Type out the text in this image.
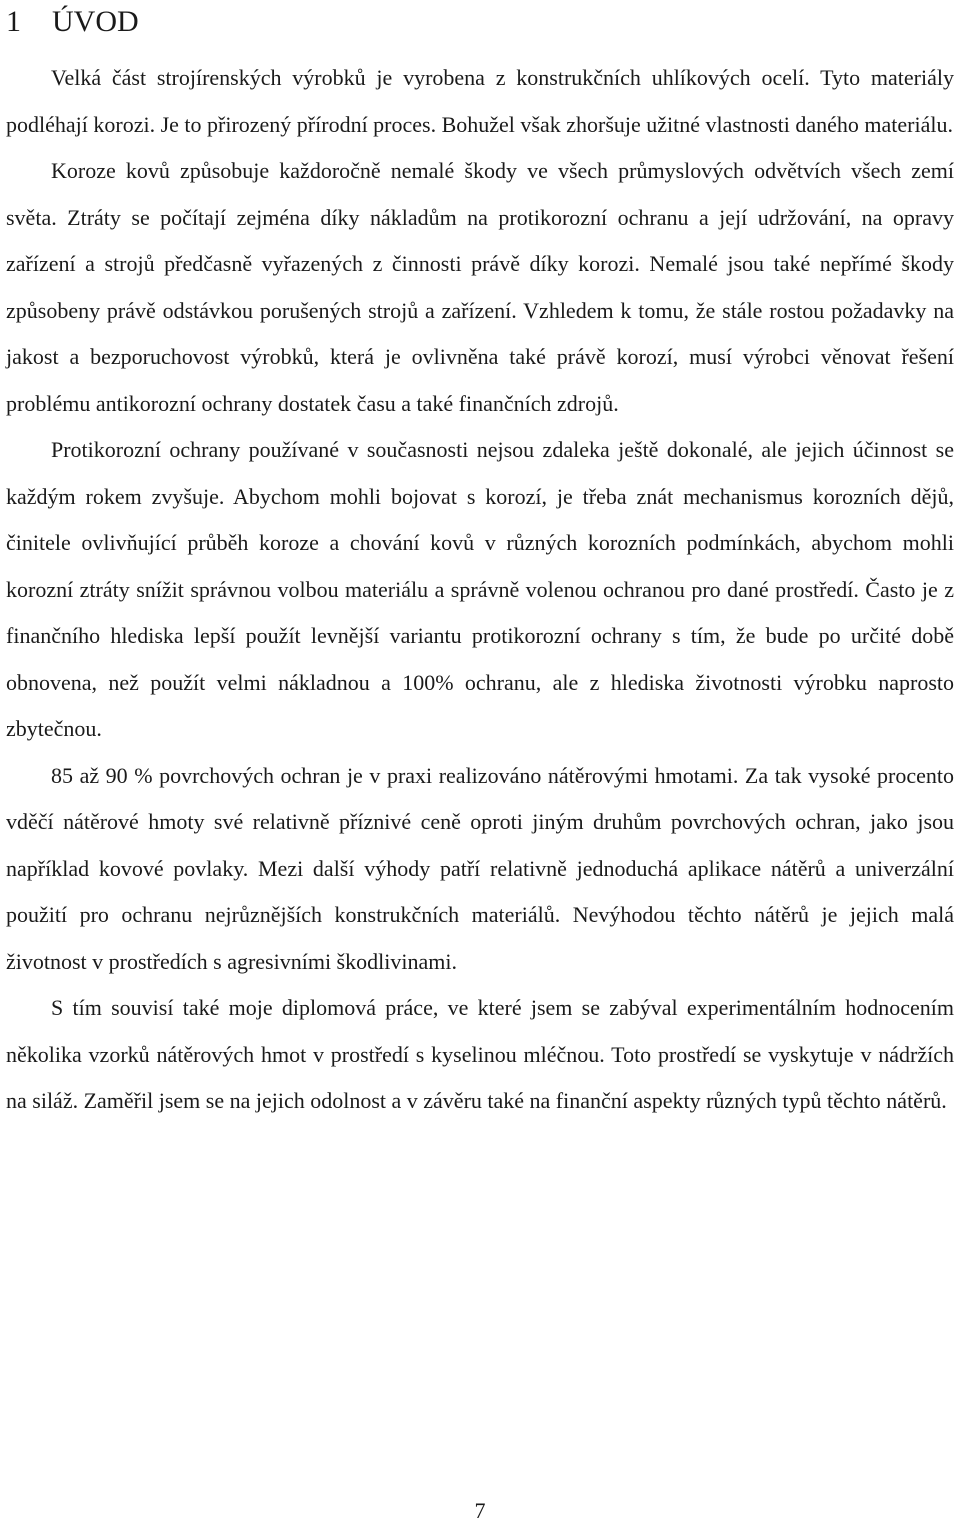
1 ÚVOD

Velká část strojírenských výrobků je vyrobena z konstrukčních uhlíkových ocelí. Tyto materiály podléhají korozi. Je to přirozený přírodní proces. Bohužel však zhoršuje užitné vlastnosti daného materiálu.

Koroze kovů způsobuje každoročně nemalé škody ve všech průmyslových odvětvích všech zemí světa. Ztráty se počítají zejména díky nákladům na protikorozní ochranu a její udržování, na opravy zařízení a strojů předčasně vyřazených z činnosti právě díky korozi. Nemalé jsou také nepřímé škody způsobeny právě odstávkou porušených strojů a zařízení. Vzhledem k tomu, že stále rostou požadavky na jakost a bezporuchovost výrobků, která je ovlivněna také právě korozí, musí výrobci věnovat řešení problému antikorozní ochrany dostatek času a také finančních zdrojů.

Protikorozní ochrany používané v současnosti nejsou zdaleka ještě dokonalé, ale jejich účinnost se každým rokem zvyšuje. Abychom mohli bojovat s korozí, je třeba znát mechanismus korozních dějů, činitele ovlivňující průběh koroze a chování kovů v různých korozních podmínkách, abychom mohli korozní ztráty snížit správnou volbou materiálu a správně volenou ochranou pro dané prostředí. Často je z finančního hlediska lepší použít levnější variantu protikorozní ochrany s tím, že bude po určité době obnovena, než použít velmi nákladnou a 100% ochranu, ale z hlediska životnosti výrobku naprosto zbytečnou.

85 až 90 % povrchových ochran je v praxi realizováno nátěrovými hmotami. Za tak vysoké procento vděčí nátěrové hmoty své relativně příznivé ceně oproti jiným druhům povrchových ochran, jako jsou například kovové povlaky. Mezi další výhody patří relativně jednoduchá aplikace nátěrů a univerzální použití pro ochranu nejrůznějších konstrukčních materiálů. Nevýhodou těchto nátěrů je jejich malá životnost v prostředích s agresivními škodlivinami.

S tím souvisí také moje diplomová práce, ve které jsem se zabýval experimentálním hodnocením několika vzorků nátěrových hmot v prostředí s kyselinou mléčnou. Toto prostředí se vyskytuje v nádržích na siláž. Zaměřil jsem se na jejich odolnost a v závěru také na finanční aspekty různých typů těchto nátěrů.

7
